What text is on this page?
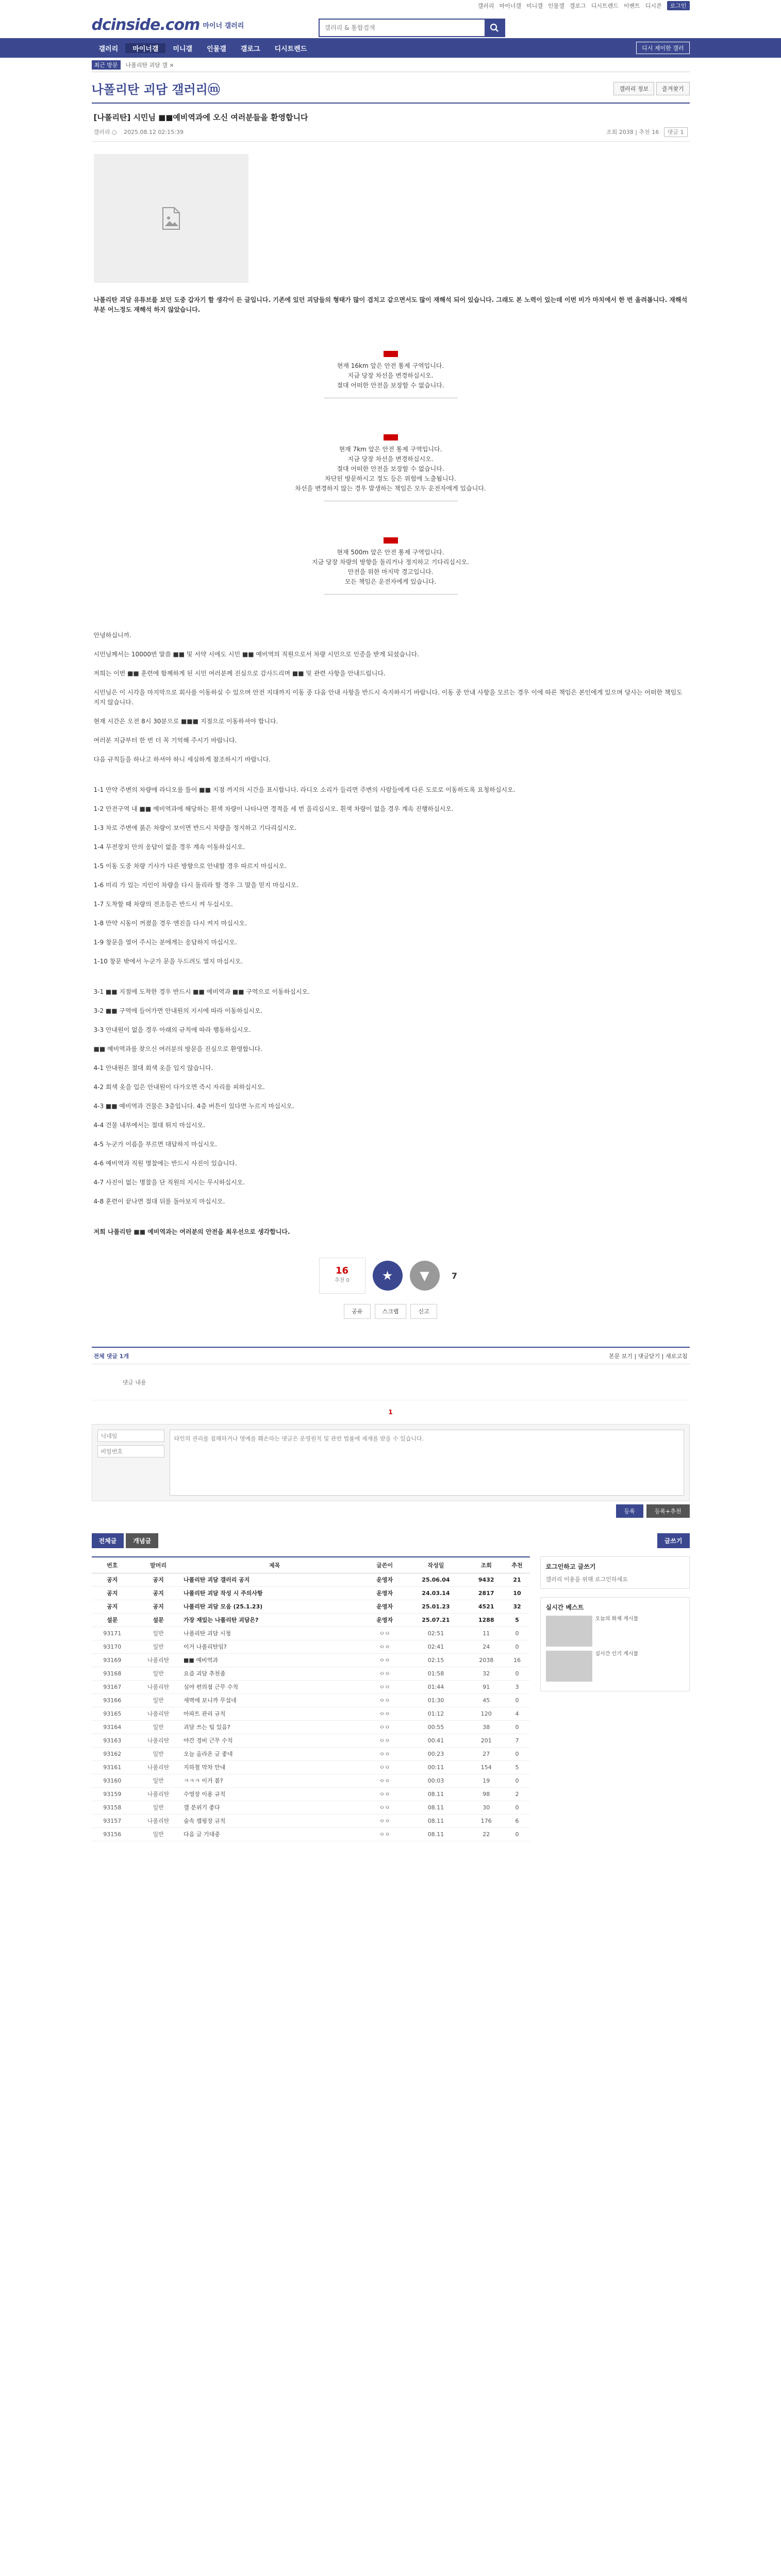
갤러리 마이너갤 미니갤 인물갤 갤로그 디시트렌드 이벤트 디시콘	로그인
dcinside.com 마이너 갤러리
갤러리 & 통합검색
갤러리	마이너갤	미니갤	인물갤	갤로그	디시트렌드	디시 제이한 갤러
최근 방문	나폴리탄 괴담 갤 ×
나폴리탄 괴담 갤러리ⓜ	갤러리 정보	즐겨찾기
[나폴리탄] 시민님 ■■예비역과에 오신 여러분들을 환영합니다
갤러리 ○ 2025.08.12 02:15:39	조회 2038 | 추천 16 댓글 1
나폴리탄 괴담 유튜브를 보던 도중 갑자기 할 생각이 든 글입니다. 기존에 있던 괴담들의 형태가 많이 겹치고 같으면서도 많이 재해석 되어 있습니다. 그래도 본 노력이 있는데 이번 비가 마치에서 한 번 올려봅니다. 재해석 부분 어느정도 재해석 하지 않았습니다.
현재 16km 앞은 안전 통제 구역입니다.
지금 당장 차선을 변경하십시오.
절대 어떠한 안전을 보장할 수 없습니다.
현재 7km 앞은 안전 통제 구역입니다.
지금 당장 차선을 변경하십시오.
절대 어떠한 안전을 보장할 수 없습니다.
차단된 방문하시고 정도 등은 위험에 노출됩니다.
차선을 변경하지 않는 경우 발생하는 책임은 모두 운전자에게 있습니다.
현재 500m 앞은 안전 통제 구역입니다.
지금 당장 차량의 방향을 돌리거나 정지하고 기다리십시오.
안전을 위한 마지막 경고입니다.
모든 책임은 운전자에게 있습니다.
안녕하십니까.
시민님께서는 10000번 말씀 ■■ 및 서약 시에도 시민 ■■ 예비역의 직원으로서 차량 시민으로 인증을 받게 되셨습니다.
저희는 이번 ■■ 훈련에 함께하게 된 시민 여러분께 진심으로 감사드리며 ■■ 및 관련 사항을 안내드립니다.
시민님은 이 시각을 마지막으로 회사를 이동하실 수 있으며 안전 지대까지 이동 중 다음 안내 사항을 반드시 숙지하시기 바랍니다. 이동 중 안내 사항을 모르는 경우 이에 따른 책임은 본인에게 있으며 당사는 어떠한 책임도 지지 않습니다.
현재 시간은 오전 8시 30분으로 ■■■ 지점으로 이동하셔야 합니다.
여러분 지금부터 한 번 더 꼭 기억해 주시기 바랍니다.
다음 규칙들을 하나고 하셔야 하니 세심하게 참조하시기 바랍니다.
1-1 만약 주변의 차량에 라디오를 틀어 ■■ 지점 까지의 시간을 표시합니다. 라디오 소리가 들리면 주변의 사람들에게 다른 도로로 이동하도록 요청하십시오.
1-2 안전구역 내 ■■ 예비역과에 해당하는 흰색 차량이 나타나면 경적을 세 번 울리십시오. 흰색 차량이 없을 경우 계속 진행하십시오.
1-3 차로 주변에 붉은 차량이 보이면 반드시 차량을 정지하고 기다리십시오.
1-4 무전장치 안의 응답이 없을 경우 계속 이동하십시오.
1-5 이동 도중 차량 기사가 다른 방향으로 안내할 경우 따르지 마십시오.
1-6 미리 가 있는 지인이 차량을 다시 돌리라 할 경우 그 말을 믿지 마십시오.
1-7 도착할 때 차량의 전조등은 반드시 켜 두십시오.
1-8 만약 시동이 꺼졌을 경우 엔진을 다시 켜지 마십시오.
1-9 창문을 열어 주시는 분에게는 응답하지 마십시오.
1-10 창문 밖에서 누군가 문을 두드려도 열지 마십시오.
3-1 ■■ 지점에 도착한 경우 반드시 ■■ 예비역과 ■■ 구역으로 이동하십시오.
3-2 ■■ 구역에 들어가면 안내원의 지시에 따라 이동하십시오.
3-3 안내원이 없을 경우 아래의 규칙에 따라 행동하십시오.
■■ 예비역과를 찾으신 여러분의 방문을 진심으로 환영합니다.
4-1 안내원은 절대 회색 옷을 입지 않습니다.
4-2 회색 옷을 입은 안내원이 다가오면 즉시 자리를 피하십시오.
4-3 ■■ 예비역과 건물은 3층입니다. 4층 버튼이 있다면 누르지 마십시오.
4-4 건물 내부에서는 절대 뛰지 마십시오.
4-5 누군가 이름을 부르면 대답하지 마십시오.
4-6 예비역과 직원 명찰에는 반드시 사진이 있습니다.
4-7 사진이 없는 명찰을 단 직원의 지시는 무시하십시오.
4-8 훈련이 끝나면 절대 뒤를 돌아보지 마십시오.
저희 나폴리탄 ■■ 예비역과는 여러분의 안전을 최우선으로 생각합니다.
16
추천 0	★ ▼	7
공유	스크랩	신고
전체 댓글 1개	본문 보기 | 댓글닫기 | 새로고침
댓글 내용
1
닉네임
비밀번호
타인의 권리를 침해하거나 명예를 훼손하는 댓글은 운영원칙 및 관련 법률에 제재를 받을 수 있습니다.
등록	등록+추천
전체글	개념글	글쓰기
번호	말머리	제목	글쓴이	작성일	조회	추천
공지	공지	나폴리탄 괴담 갤러리 공지	운영자	25.06.04	9432	21
공지	공지	나폴리탄 괴담 작성 시 주의사항	운영자	24.03.14	2817	10
공지	공지	나폴리탄 괴담 모음 (25.1.23)	운영자	25.01.23	4521	32
설문	설문	가장 재밌는 나폴리탄 괴담은?	운영자	25.07.21	1288	5
93171	일반	나폴리탄 괴담 시청	ㅇㅇ	02:51	11	0
93170	일반	이거 나폴리탄임?	ㅇㅇ	02:41	24	0
93169	나폴리탄	■■ 예비역과	ㅇㅇ	02:15	2038	16
93168	일반	요즘 괴담 추천좀	ㅇㅇ	01:58	32	0
93167	나폴리탄	심야 편의점 근무 수칙	ㅇㅇ	01:44	91	3
93166	일반	새벽에 보니까 무섭네	ㅇㅇ	01:30	45	0
93165	나폴리탄	아파트 관리 규칙	ㅇㅇ	01:12	120	4
93164	일반	괴담 쓰는 팁 있음?	ㅇㅇ	00:55	38	0
93163	나폴리탄	야간 경비 근무 수칙	ㅇㅇ	00:41	201	7
93162	일반	오늘 올라온 글 좋네	ㅇㅇ	00:23	27	0
93161	나폴리탄	지하철 막차 안내	ㅇㅇ	00:11	154	5
93160	일반	ㅋㅋㅋ 이거 봄?	ㅇㅇ	00:03	19	0
93159	나폴리탄	수영장 이용 규칙	ㅇㅇ	08.11	98	2
93158	일반	갤 분위기 좋다	ㅇㅇ	08.11	30	0
93157	나폴리탄	숲속 캠핑장 규칙	ㅇㅇ	08.11	176	6
93156	일반	다음 글 기대중	ㅇㅇ	08.11	22	0
로그인하고 글쓰기
갤러리 이용을 위해 로그인하세요
실시간 베스트
오늘의 화제 게시물
실시간 인기 게시물
